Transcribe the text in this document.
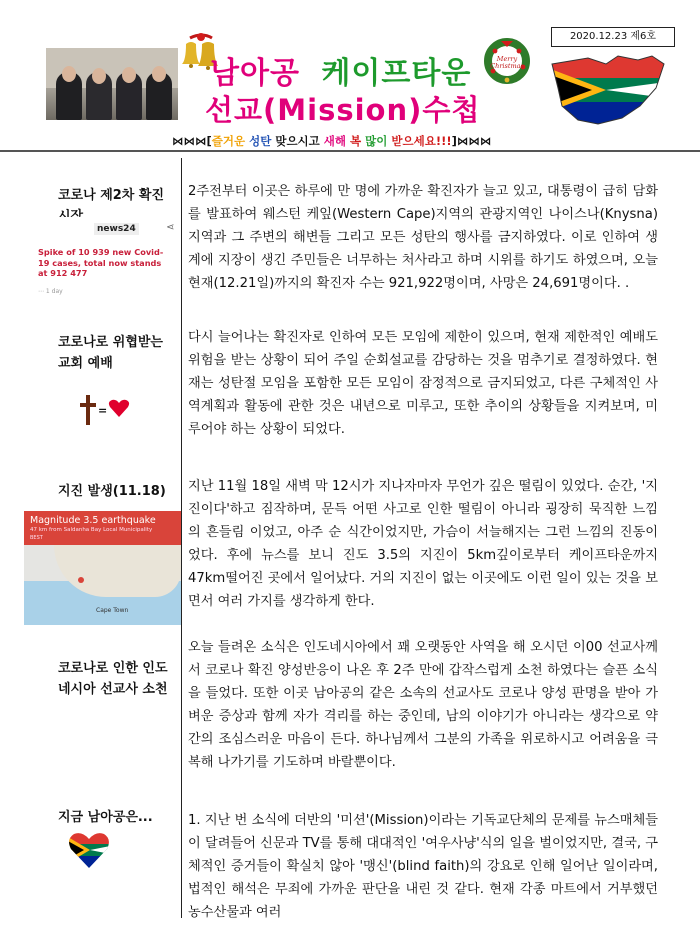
2020.12.23 제6호
Merry Christmas
남아공 케이프타운
선교(Mission)수첩
⋈⋈⋈[즐거운 성탄 맞으시고 새해 복 많이 받으세요!!!]⋈⋈⋈
코로나 제2차 확진
news24	⋖
Spike of 10 939 new Covid-19 cases, total now stands at 912 477
⋯ 1 day
2주전부터 이곳은 하루에 만 명에 가까운 확진자가 늘고 있고, 대통령이 급히 담화를 발표하여 웨스턴 케잎(Western Cape)지역의 관광지역인 나이스나(Knysna)지역과 그 주변의 해변들 그리고 모든 성탄의 행사를 금지하였다. 이로 인하여 생계에 지장이 생긴 주민들은 너무하는 처사라고 하며 시위를 하기도 하였으며, 오늘 현재(12.21일)까지의 확진자 수는 921,922명이며, 사망은 24,691명이다. .
코로나로 위협받는 교회 예배
=
다시 늘어나는 확진자로 인하여 모든 모임에 제한이 있으며, 현재 제한적인 예배도 위험을 받는 상황이 되어 주일 순회설교를 감당하는 것을 멈추기로 결정하였다. 현재는 성탄절 모임을 포함한 모든 모임이 잠정적으로 금지되었고, 다른 구체적인 사역계획과 활동에 관한 것은 내년으로 미루고, 또한 추이의 상황들을 지켜보며, 미루어야 하는 상황이 되었다.
지진 발생(11.18)
Magnitude 3.5 earthquake
47 km from Saldanha Bay Local Municipality
BEST
Cape Town
지난 11월 18일 새벽 막 12시가 지나자마자 무언가 깊은 떨림이 있었다. 순간, '지진이다'하고 짐작하며, 문득 어떤 사고로 인한 떨림이 아니라 굉장히 묵직한 느낌의 흔들림 이었고, 아주 순 식간이었지만, 가슴이 서늘해지는 그런 느낌의 진동이었다. 후에 뉴스를 보니 진도 3.5의 지진이 5km깊이로부터 케이프타운까지 47km떨어진 곳에서 일어났다. 거의 지진이 없는 이곳에도 이런 일이 있는 것을 보면서 여러 가지를 생각하게 한다.
코로나로 인한 인도네시아 선교사 소천
오늘 들려온 소식은 인도네시아에서 꽤 오랫동안 사역을 해 오시던 이00 선교사께서 코로나 확진 양성반응이 나온 후 2주 만에 갑작스럽게 소천 하였다는 슬픈 소식을 들었다. 또한 이곳 남아공의 같은 소속의 선교사도 코로나 양성 판명을 받아 가벼운 증상과 함께 자가 격리를 하는 중인데, 남의 이야기가 아니라는 생각으로 약간의 조심스러운 마음이 든다. 하나님께서 그분의 가족을 위로하시고 어려움을 극복해 나가기를 기도하며 바랄뿐이다.
지금 남아공은...	1. 지난 번 소식에 더반의 '미션'(Mission)이라는 기독교단체의 문제를 뉴스매체들이 달려들어 신문과 TV를 통해 대대적인 '여우사냥'식의 일을 벌이었지만, 결국, 구체적인 증거들이 확실치 않아 '맹신'(blind faith)의 강요로 인해 일어난 일이라며, 법적인 해석은 무죄에 가까운 판단을 내린 것 같다. 현재 각종 마트에서 거부했던 농수산물과 여러
